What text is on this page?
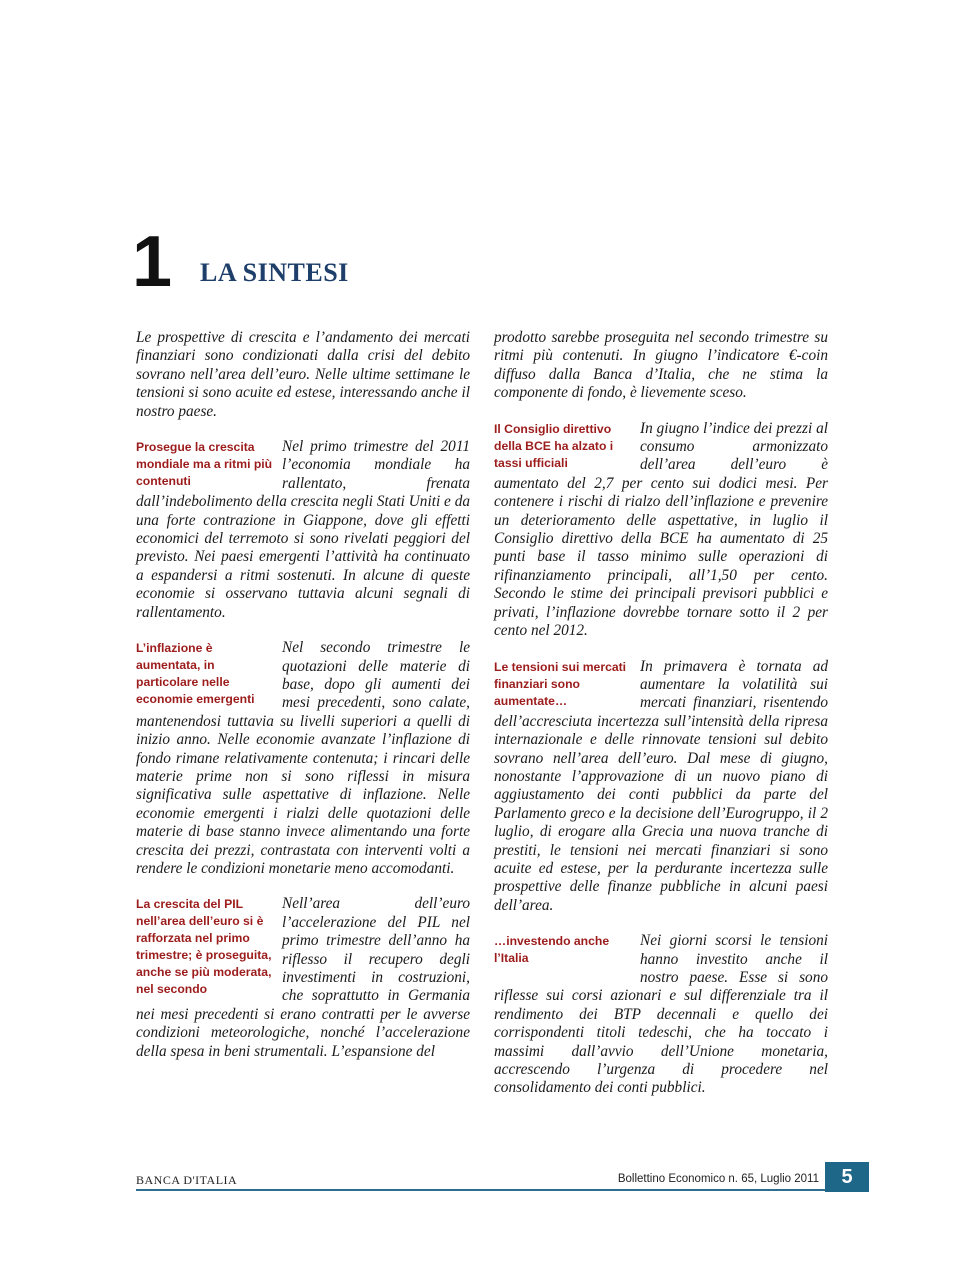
1 LA SINTESI

Le prospettive di crescita e l’andamento dei mercati finanziari sono condizionati dalla crisi del debito sovrano nell’area dell’euro. Nelle ultime settimane le tensioni si sono acuite ed estese, interessando anche il nostro paese.

Prosegue la crescita mondiale ma a ritmi più contenuti

Nel primo trimestre del 2011 l’economia mondiale ha rallentato, frenata dall’indebolimento della crescita negli Stati Uniti e da una forte contrazione in Giappone, dove gli effetti economici del terremoto si sono rivelati peggiori del previsto. Nei paesi emergenti l’attività ha continuato a espandersi a ritmi sostenuti. In alcune di queste economie si osservano tuttavia alcuni segnali di rallentamento.

L’inflazione è aumentata, in particolare nelle economie emergenti

Nel secondo trimestre le quotazioni delle materie di base, dopo gli aumenti dei mesi precedenti, sono calate, mantenendosi tuttavia su livelli superiori a quelli di inizio anno. Nelle economie avanzate l’inflazione di fondo rimane relativamente contenuta; i rincari delle materie prime non si sono riflessi in misura significativa sulle aspettative di inflazione. Nelle economie emergenti i rialzi delle quotazioni delle materie di base stanno invece alimentando una forte crescita dei prezzi, contrastata con interventi volti a rendere le condizioni monetarie meno accomodanti.

La crescita del PIL nell’area dell’euro si è rafforzata nel primo trimestre; è proseguita, anche se più moderata, nel secondo

Nell’area dell’euro l’accelerazione del PIL nel primo trimestre dell’anno ha riflesso il recupero degli investimenti in costruzioni, che soprattutto in Germania nei mesi precedenti si erano contratti per le avverse condizioni meteorologiche, nonché l’accelerazione della spesa in beni strumentali. L’espansione del

prodotto sarebbe proseguita nel secondo trimestre su ritmi più contenuti. In giugno l’indicatore €-coin diffuso dalla Banca d’Italia, che ne stima la componente di fondo, è lievemente sceso.

Il Consiglio direttivo della BCE ha alzato i tassi ufficiali

In giugno l’indice dei prezzi al consumo armonizzato dell’area dell’euro è aumentato del 2,7 per cento sui dodici mesi. Per contenere i rischi di rialzo dell’inflazione e prevenire un deterioramento delle aspettative, in luglio il Consiglio direttivo della BCE ha aumentato di 25 punti base il tasso minimo sulle operazioni di rifinanziamento principali, all’1,50 per cento. Secondo le stime dei principali previsori pubblici e privati, l’inflazione dovrebbe tornare sotto il 2 per cento nel 2012.

Le tensioni sui mercati finanziari sono aumentate…

In primavera è tornata ad aumentare la volatilità sui mercati finanziari, risentendo dell’accresciuta incertezza sull’intensità della ripresa internazionale e delle rinnovate tensioni sul debito sovrano nell’area dell’euro. Dal mese di giugno, nonostante l’approvazione di un nuovo piano di aggiustamento dei conti pubblici da parte del Parlamento greco e la decisione dell’Eurogruppo, il 2 luglio, di erogare alla Grecia una nuova tranche di prestiti, le tensioni nei mercati finanziari si sono acuite ed estese, per la perdurante incertezza sulle prospettive delle finanze pubbliche in alcuni paesi dell’area.

…investendo anche l’Italia

Nei giorni scorsi le tensioni hanno investito anche il nostro paese. Esse si sono riflesse sui corsi azionari e sul differenziale tra il rendimento dei BTP decennali e quello dei corrispondenti titoli tedeschi, che ha toccato i massimi dall’avvio dell’Unione monetaria, accrescendo l’urgenza di procedere nel consolidamento dei conti pubblici.

BANCA D'ITALIA	Bollettino Economico n. 65, Luglio 2011	5
